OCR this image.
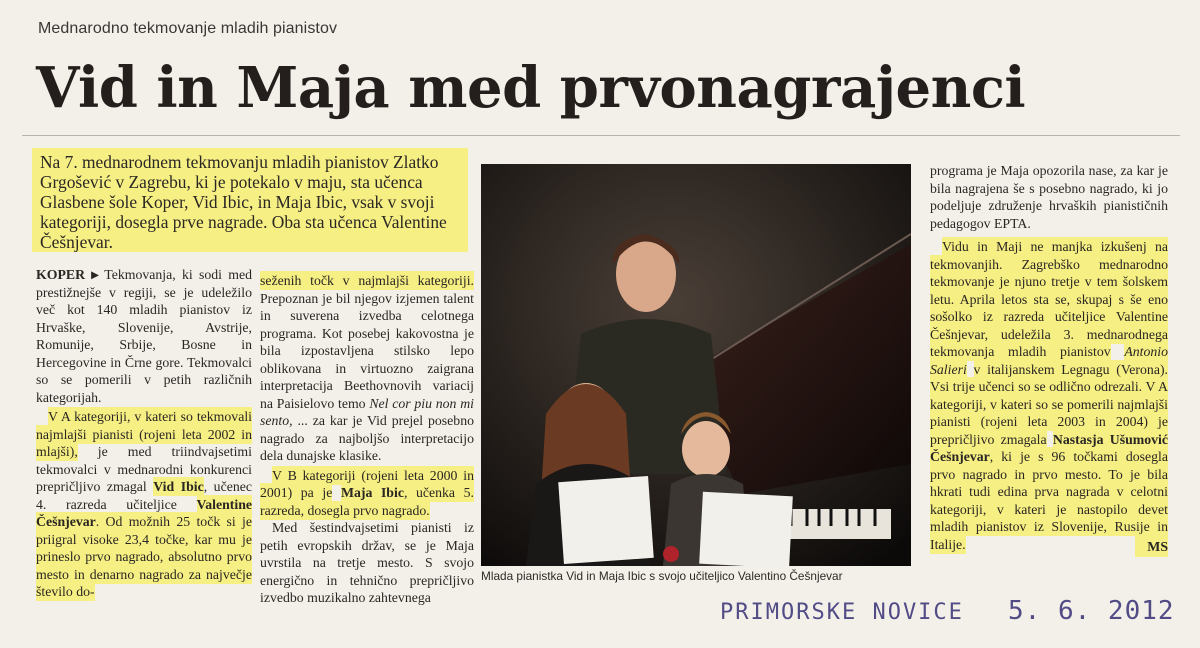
Mednarodno tekmovanje mladih pianistov
Vid in Maja med prvonagrajenci
Na 7. mednarodnem tekmovanju mladih pianistov Zlatko Grgošević v Zagrebu, ki je potekalo v maju, sta učenca Glasbene šole Koper, Vid Ibic, in Maja Ibic, vsak v svoji kategoriji, dosegla prve nagrade. Oba sta učenca Valentine Češnjevar.

KOPER ▸ Tekmovanja, ki sodi med prestižnejše v regiji, se je udeležilo več kot 140 mladih pianistov iz Hrvaške, Slovenije, Avstrije, Romunije, Srbije, Bosne in Hercegovine in Črne gore. Tekmovalci so se pomerili v petih različnih kategorijah.

V A kategoriji, v kateri so tekmovali najmlajši pianisti (rojeni leta 2002 in mlajši), je med triindvajsetimi tekmovalci v mednarodni konkurenci prepričljivo zmagal Vid Ibic, učenec 4. razreda učiteljice Valentine Češnjevar. Od možnih 25 točk si je priigral visoke 23,4 točke, kar mu je prineslo prvo nagrado, absolutno prvo mesto in denarno nagrado za največje število do-

seženih točk v najmlajši kategoriji. Prepoznan je bil njegov izjemen talent in suverena izvedba celotnega programa. Kot posebej kakovostna je bila izpostavljena stilsko lepo oblikovana in virtuozno zaigrana interpretacija Beethovnovih variacij na Paisielovo temo Nel cor piu non mi sento, ... za kar je Vid prejel posebno nagrado za najboljšo interpretacijo dela dunajske klasike.

V B kategoriji (rojeni leta 2000 in 2001) pa je Maja Ibic, učenka 5. razreda, dosegla prvo nagrado.

Med šestindvajsetimi pianisti iz petih evropskih držav, se je Maja uvrstila na tretje mesto. S svojo energično in tehnično prepričljivo izvedbo muzikalno zahtevnega

Mlada pianistka Vid in Maja Ibic s svojo učiteljico Valentino Češnjevar

programa je Maja opozorila nase, za kar je bila nagrajena še s posebno nagrado, ki jo podeljuje združenje hrvaških pianističnih pedagogov EPTA.

Vidu in Maji ne manjka izkušenj na tekmovanjih. Zagrebško mednarodno tekmovanje je njuno tretje v tem šolskem letu. Aprila letos sta se, skupaj s še eno sošolko iz razreda učiteljice Valentine Češnjevar, udeležila 3. mednarodnega tekmovanja mladih pianistov Antonio Salieri v italijanskem Legnagu (Verona). Vsi trije učenci so se odlično odrezali. V A kategoriji, v kateri so se pomerili najmlajši pianisti (rojeni leta 2003 in 2004) je prepričljivo zmagala Nastasja Ušumović Češnjevar, ki je s 96 točkami dosegla prvo nagrado in prvo mesto. To je bila hkrati tudi edina prva nagrada v celotni kategoriji, v kateri je nastopilo devet mladih pianistov iz Slovenije, Rusije in Italije.	MS

PRIMORSKE NOVICE 5. 6. 2012
